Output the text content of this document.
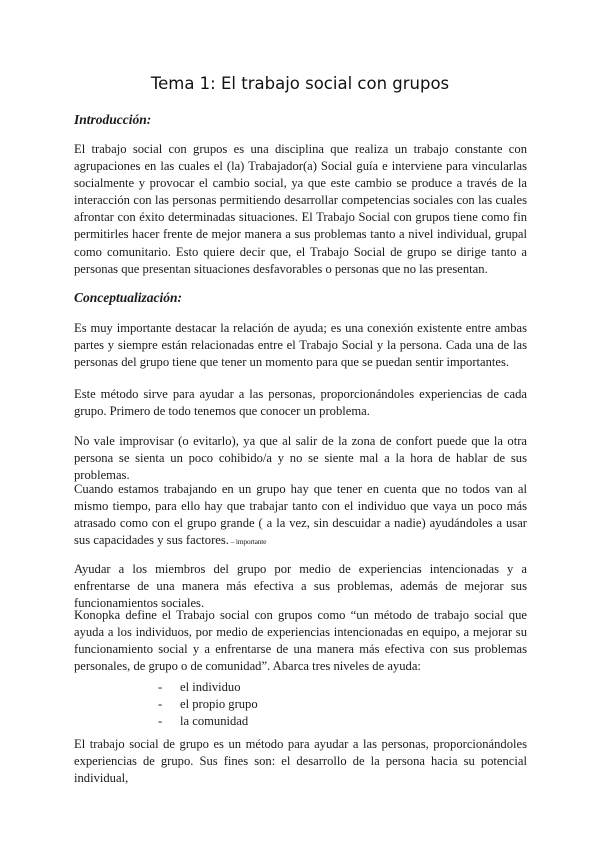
Tema 1: El trabajo social con grupos
Introducción:

El trabajo social con grupos es una disciplina que realiza un trabajo constante con agrupaciones en las cuales el (la) Trabajador(a) Social guía e interviene para vincularlas socialmente y provocar el cambio social, ya que este cambio se produce a través de la interacción con las personas permitiendo desarrollar competencias sociales con las cuales afrontar con éxito determinadas situaciones. El Trabajo Social con grupos tiene como fin permitirles hacer frente de mejor manera a sus problemas tanto a nivel individual, grupal como comunitario. Esto quiere decir que, el Trabajo Social de grupo se dirige tanto a personas que presentan situaciones desfavorables o personas que no las presentan.

Conceptualización:

Es muy importante destacar la relación de ayuda; es una conexión existente entre ambas partes y siempre están relacionadas entre el Trabajo Social y la persona. Cada una de las personas del grupo tiene que tener un momento para que se puedan sentir importantes.

Este método sirve para ayudar a las personas, proporcionándoles experiencias de cada grupo. Primero de todo tenemos que conocer un problema.

No vale improvisar (o evitarlo), ya que al salir de la zona de confort puede que la otra persona se sienta un poco cohibido/a y no se siente mal a la hora de hablar de sus problemas.

Cuando estamos trabajando en un grupo hay que tener en cuenta que no todos van al mismo tiempo, para ello hay que trabajar tanto con el individuo que vaya un poco más atrasado como con el grupo grande ( a la vez, sin descuidar a nadie) ayudándoles a usar sus capacidades y sus factores. – importante

Ayudar a los miembros del grupo por medio de experiencias intencionadas y a enfrentarse de una manera más efectiva a sus problemas, además de mejorar sus funcionamientos sociales.

Konopka define el Trabajo social con grupos como “un método de trabajo social que ayuda a los individuos, por medio de experiencias intencionadas en equipo, a mejorar su funcionamiento social y a enfrentarse de una manera más efectiva con sus problemas personales, de grupo o de comunidad”. Abarca tres niveles de ayuda:

- el individuo
- el propio grupo
- la comunidad

El trabajo social de grupo es un método para ayudar a las personas, proporcionándoles experiencias de grupo. Sus fines son: el desarrollo de la persona hacia su potencial individual,
